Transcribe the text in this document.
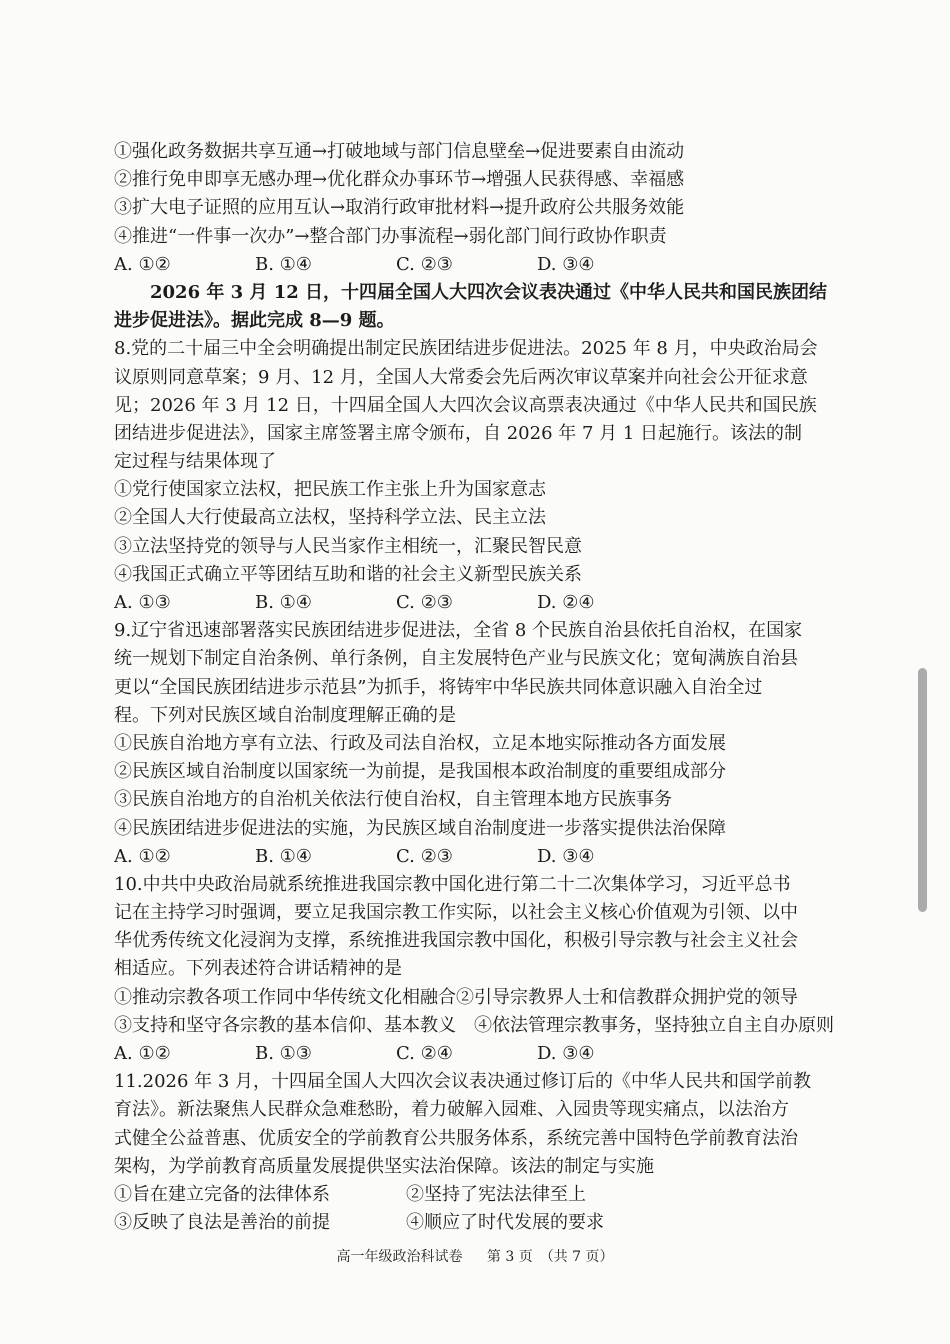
①强化政务数据共享互通→打破地域与部门信息壁垒→促进要素自由流动
②推行免申即享无感办理→优化群众办事环节→增强人民获得感、幸福感
③扩大电子证照的应用互认→取消行政审批材料→提升政府公共服务效能
④推进“一件事一次办”→整合部门办事流程→弱化部门间行政协作职责
A. ①②	B. ①④	C. ②③	D. ③④
2026 年 3 月 12 日，十四届全国人大四次会议表决通过《中华人民共和国民族团结
进步促进法》。据此完成 8—9 题。
8.党的二十届三中全会明确提出制定民族团结进步促进法。2025 年 8 月，中央政治局会
议原则同意草案；9 月、12 月，全国人大常委会先后两次审议草案并向社会公开征求意
见；2026 年 3 月 12 日，十四届全国人大四次会议高票表决通过《中华人民共和国民族
团结进步促进法》，国家主席签署主席令颁布，自 2026 年 7 月 1 日起施行。该法的制
定过程与结果体现了
①党行使国家立法权，把民族工作主张上升为国家意志
②全国人大行使最高立法权，坚持科学立法、民主立法
③立法坚持党的领导与人民当家作主相统一，汇聚民智民意
④我国正式确立平等团结互助和谐的社会主义新型民族关系
A. ①③	B. ①④	C. ②③	D. ②④
9.辽宁省迅速部署落实民族团结进步促进法，全省 8 个民族自治县依托自治权，在国家
统一规划下制定自治条例、单行条例，自主发展特色产业与民族文化；宽甸满族自治县
更以“全国民族团结进步示范县”为抓手，将铸牢中华民族共同体意识融入自治全过
程。下列对民族区域自治制度理解正确的是
①民族自治地方享有立法、行政及司法自治权，立足本地实际推动各方面发展
②民族区域自治制度以国家统一为前提，是我国根本政治制度的重要组成部分
③民族自治地方的自治机关依法行使自治权，自主管理本地方民族事务
④民族团结进步促进法的实施，为民族区域自治制度进一步落实提供法治保障
A. ①②	B. ①④	C. ②③	D. ③④
10.中共中央政治局就系统推进我国宗教中国化进行第二十二次集体学习，习近平总书
记在主持学习时强调，要立足我国宗教工作实际，以社会主义核心价值观为引领、以中
华优秀传统文化浸润为支撑，系统推进我国宗教中国化，积极引导宗教与社会主义社会
相适应。下列表述符合讲话精神的是
①推动宗教各项工作同中华传统文化相融合②引导宗教界人士和信教群众拥护党的领导
③支持和坚守各宗教的基本信仰、基本教义　④依法管理宗教事务，坚持独立自主自办原则
A. ①②	B. ①③	C. ②④	D. ③④
11.2026 年 3 月，十四届全国人大四次会议表决通过修订后的《中华人民共和国学前教
育法》。新法聚焦人民群众急难愁盼，着力破解入园难、入园贵等现实痛点，以法治方
式健全公益普惠、优质安全的学前教育公共服务体系，系统完善中国特色学前教育法治
架构，为学前教育高质量发展提供坚实法治保障。该法的制定与实施
①旨在建立完备的法律体系	②坚持了宪法法律至上
③反映了良法是善治的前提	④顺应了时代发展的要求
高一年级政治科试卷 第 3 页　（共 7 页）
